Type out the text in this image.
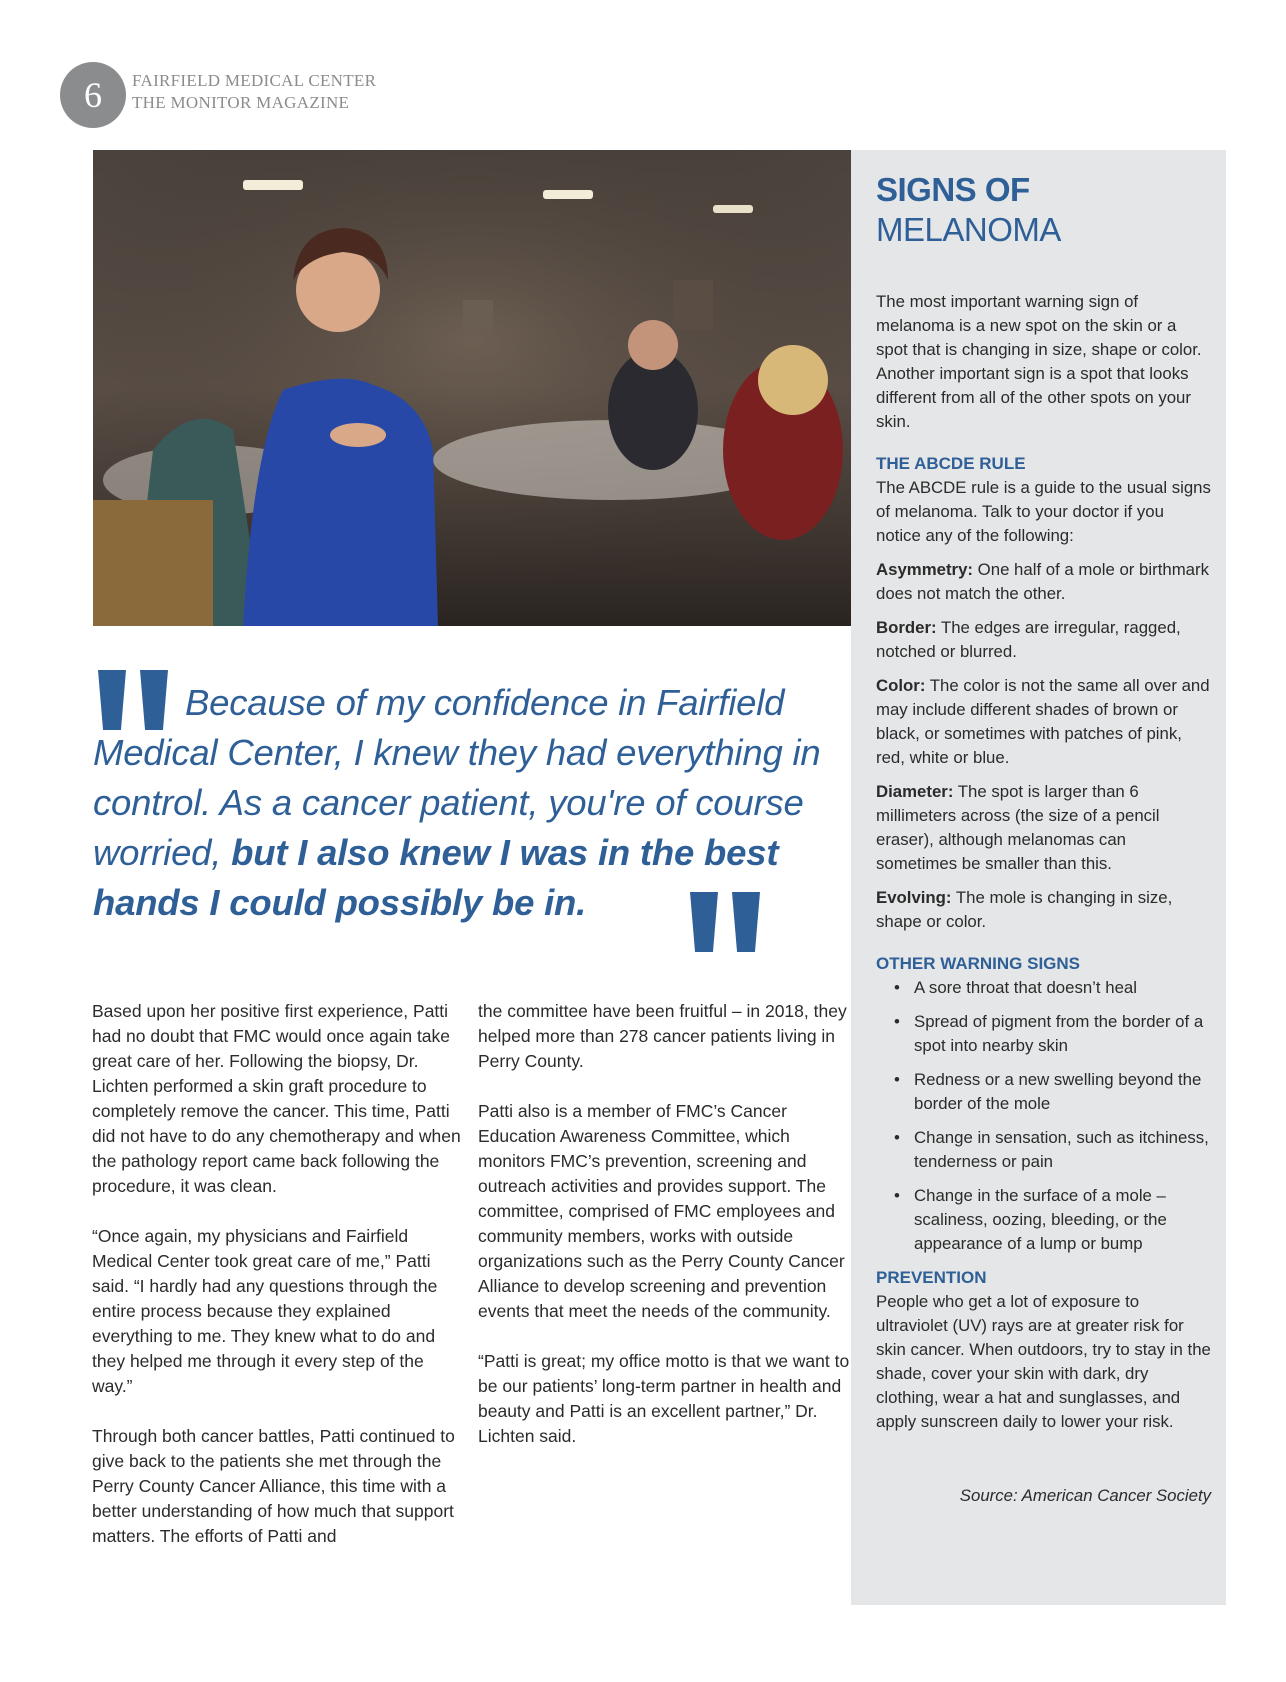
6	FAIRFIELD MEDICAL CENTER
THE MONITOR MAGAZINE
Because of my confidence in Fairfield Medical Center, I knew they had everything in control. As a cancer patient, you're of course worried, but I also knew I was in the best hands I could possibly be in.

Based upon her positive first experience, Patti had no doubt that FMC would once again take great care of her. Following the biopsy, Dr. Lichten performed a skin graft procedure to completely remove the cancer. This time, Patti did not have to do any chemotherapy and when the pathology report came back following the procedure, it was clean.

“Once again, my physicians and Fairfield Medical Center took great care of me,” Patti said. “I hardly had any questions through the entire process because they explained everything to me. They knew what to do and they helped me through it every step of the way.”

Through both cancer battles, Patti continued to give back to the patients she met through the Perry County Cancer Alliance, this time with a better understanding of how much that support matters. The efforts of Patti and

the committee have been fruitful – in 2018, they helped more than 278 cancer patients living in Perry County.

Patti also is a member of FMC’s Cancer Education Awareness Committee, which monitors FMC’s prevention, screening and outreach activities and provides support. The committee, comprised of FMC employees and community members, works with outside organizations such as the Perry County Cancer Alliance to develop screening and prevention events that meet the needs of the community.

“Patti is great; my office motto is that we want to be our patients’ long-term partner in health and beauty and Patti is an excellent partner,” Dr. Lichten said.

SIGNS OF
MELANOMA
The most important warning sign of melanoma is a new spot on the skin or a spot that is changing in size, shape or color. Another important sign is a spot that looks different from all of the other spots on your skin.
THE ABCDE RULE
The ABCDE rule is a guide to the usual signs of melanoma. Talk to your doctor if you notice any of the following:
Asymmetry: One half of a mole or birthmark does not match the other.
Border: The edges are irregular, ragged, notched or blurred.
Color: The color is not the same all over and may include different shades of brown or black, or sometimes with patches of pink, red, white or blue.
Diameter: The spot is larger than 6 millimeters across (the size of a pencil eraser), although melanomas can sometimes be smaller than this.
Evolving: The mole is changing in size, shape or color.
OTHER WARNING SIGNS
• A sore throat that doesn’t heal
• Spread of pigment from the border of a spot into nearby skin
• Redness or a new swelling beyond the border of the mole
• Change in sensation, such as itchiness, tenderness or pain
• Change in the surface of a mole – scaliness, oozing, bleeding, or the appearance of a lump or bump
PREVENTION
People who get a lot of exposure to ultraviolet (UV) rays are at greater risk for skin cancer. When outdoors, try to stay in the shade, cover your skin with dark, dry clothing, wear a hat and sunglasses, and apply sunscreen daily to lower your risk.
Source: American Cancer Society
